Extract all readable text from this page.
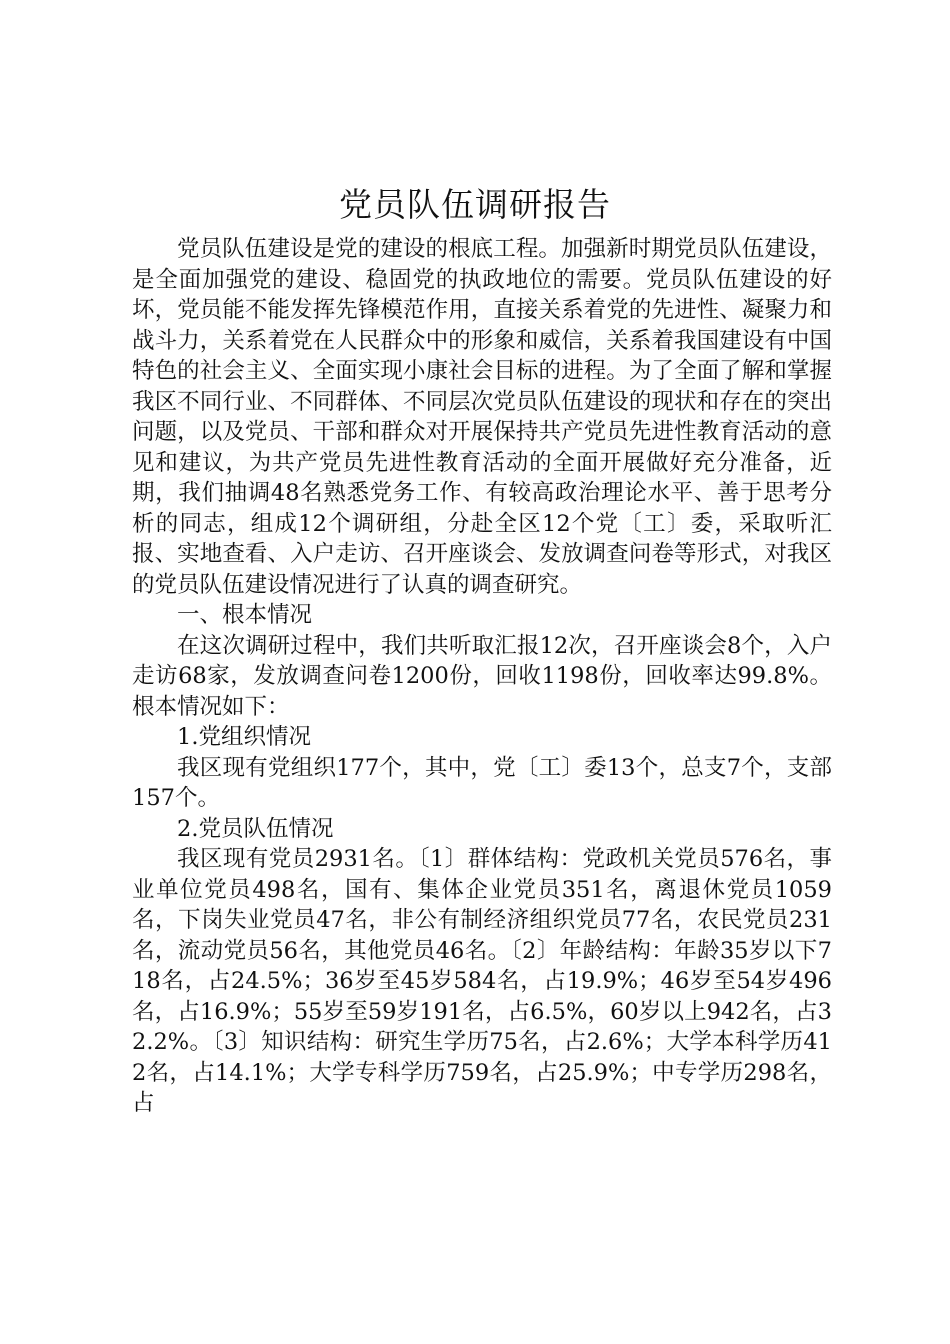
党员队伍调研报告

党员队伍建设是党的建设的根底工程。加强新时期党员队伍建设，是全面加强党的建设、稳固党的执政地位的需要。党员队伍建设的好坏，党员能不能发挥先锋模范作用，直接关系着党的先进性、凝聚力和战斗力，关系着党在人民群众中的形象和威信，关系着我国建设有中国特色的社会主义、全面实现小康社会目标的进程。为了全面了解和掌握我区不同行业、不同群体、不同层次党员队伍建设的现状和存在的突出问题，以及党员、干部和群众对开展保持共产党员先进性教育活动的意见和建议，为共产党员先进性教育活动的全面开展做好充分准备，近期，我们抽调48名熟悉党务工作、有较高政治理论水平、善于思考分析的同志，组成12个调研组，分赴全区12个党〔工〕委，采取听汇报、实地查看、入户走访、召开座谈会、发放调查问卷等形式，对我区的党员队伍建设情况进行了认真的调查研究。

一、根本情况

在这次调研过程中，我们共听取汇报12次，召开座谈会8个，入户走访68家，发放调查问卷1200份，回收1198份，回收率达99.8%。根本情况如下：

1.党组织情况

我区现有党组织177个，其中，党〔工〕委13个，总支7个，支部157个。

2.党员队伍情况

我区现有党员2931名。〔1〕群体结构：党政机关党员576名，事业单位党员498名，国有、集体企业党员351名，离退休党员1059名，下岗失业党员47名，非公有制经济组织党员77名，农民党员231名，流动党员56名，其他党员46名。〔2〕年龄结构：年龄35岁以下718名，占24.5%；36岁至45岁584名，占19.9%；46岁至54岁496名，占16.9%；55岁至59岁191名，占6.5%，60岁以上942名，占32.2%。〔3〕知识结构：研究生学历75名，占2.6%；大学本科学历412名，占14.1%；大学专科学历759名，占25.9%；中专学历298名，占
